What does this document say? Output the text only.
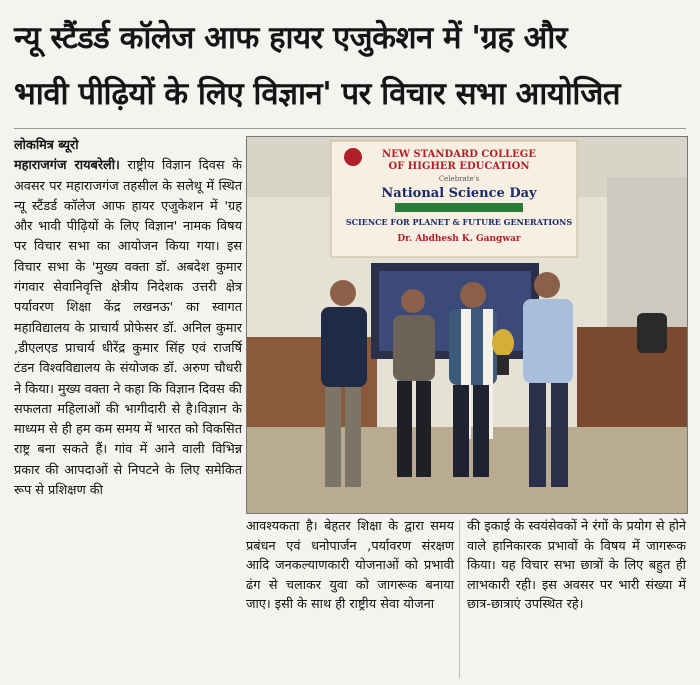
न्यू स्टैंडर्ड कॉलेज आफ हायर एजुकेशन में 'ग्रह और
भावी पीढ़ियों के लिए विज्ञान' पर विचार सभा आयोजित
लोकमित्र ब्यूरो
महाराजगंज रायबरेली। राष्ट्रीय विज्ञान दिवस के अवसर पर महाराजगंज तहसील के सलेथू में स्थित न्यू स्टैंडर्ड कॉलेज आफ हायर एजुकेशन में 'ग्रह और भावी पीढ़ियों के लिए विज्ञान' नामक विषय पर विचार सभा का आयोजन किया गया। इस विचार सभा के 'मुख्य वक्ता डॉ. अबदेश कुमार गंगवार सेवानिवृत्ति क्षेत्रीय निदेशक उत्तरी क्षेत्र पर्यावरण शिक्षा केंद्र लखनऊ' का स्वागत महाविद्यालय के प्राचार्य प्रोफेसर डॉ. अनिल कुमार ,डीएलएड प्राचार्य धीरेंद्र कुमार सिंह एवं राजर्षि टंडन विश्वविद्यालय के संयोजक डॉ. अरुण चौधरी ने किया। मुख्य वक्ता ने कहा कि विज्ञान दिवस की सफलता महिलाओं की भागीदारी से है।विज्ञान के माध्यम से ही हम कम समय में भारत को विकसित राष्ट्र बना सकते हैं। गांव में आने वाली विभिन्न प्रकार की आपदाओं से निपटने के लिए समेकित रूप से प्रशिक्षण की
NEW STANDARD COLLEGE
OF HIGHER EDUCATION
Celebrate's
National Science Day
SCIENCE FOR PLANET & FUTURE GENERATIONS
Dr. Abdhesh K. Gangwar
आवश्यकता है। बेहतर शिक्षा के द्वारा समय प्रबंधन एवं धनोपार्जन ,पर्यावरण संरक्षण आदि जनकल्याणकारी योजनाओं को प्रभावी ढंग से चलाकर युवा को जागरूक बनाया जाए। इसी के साथ ही राष्ट्रीय सेवा योजना
की इकाई के स्वयंसेवकों ने रंगों के प्रयोग से होने वाले हानिकारक प्रभावों के विषय में जागरूक किया। यह विचार सभा छात्रों के लिए बहुत ही लाभकारी रही। इस अवसर पर भारी संख्या में छात्र-छात्राएं उपस्थित रहे।
